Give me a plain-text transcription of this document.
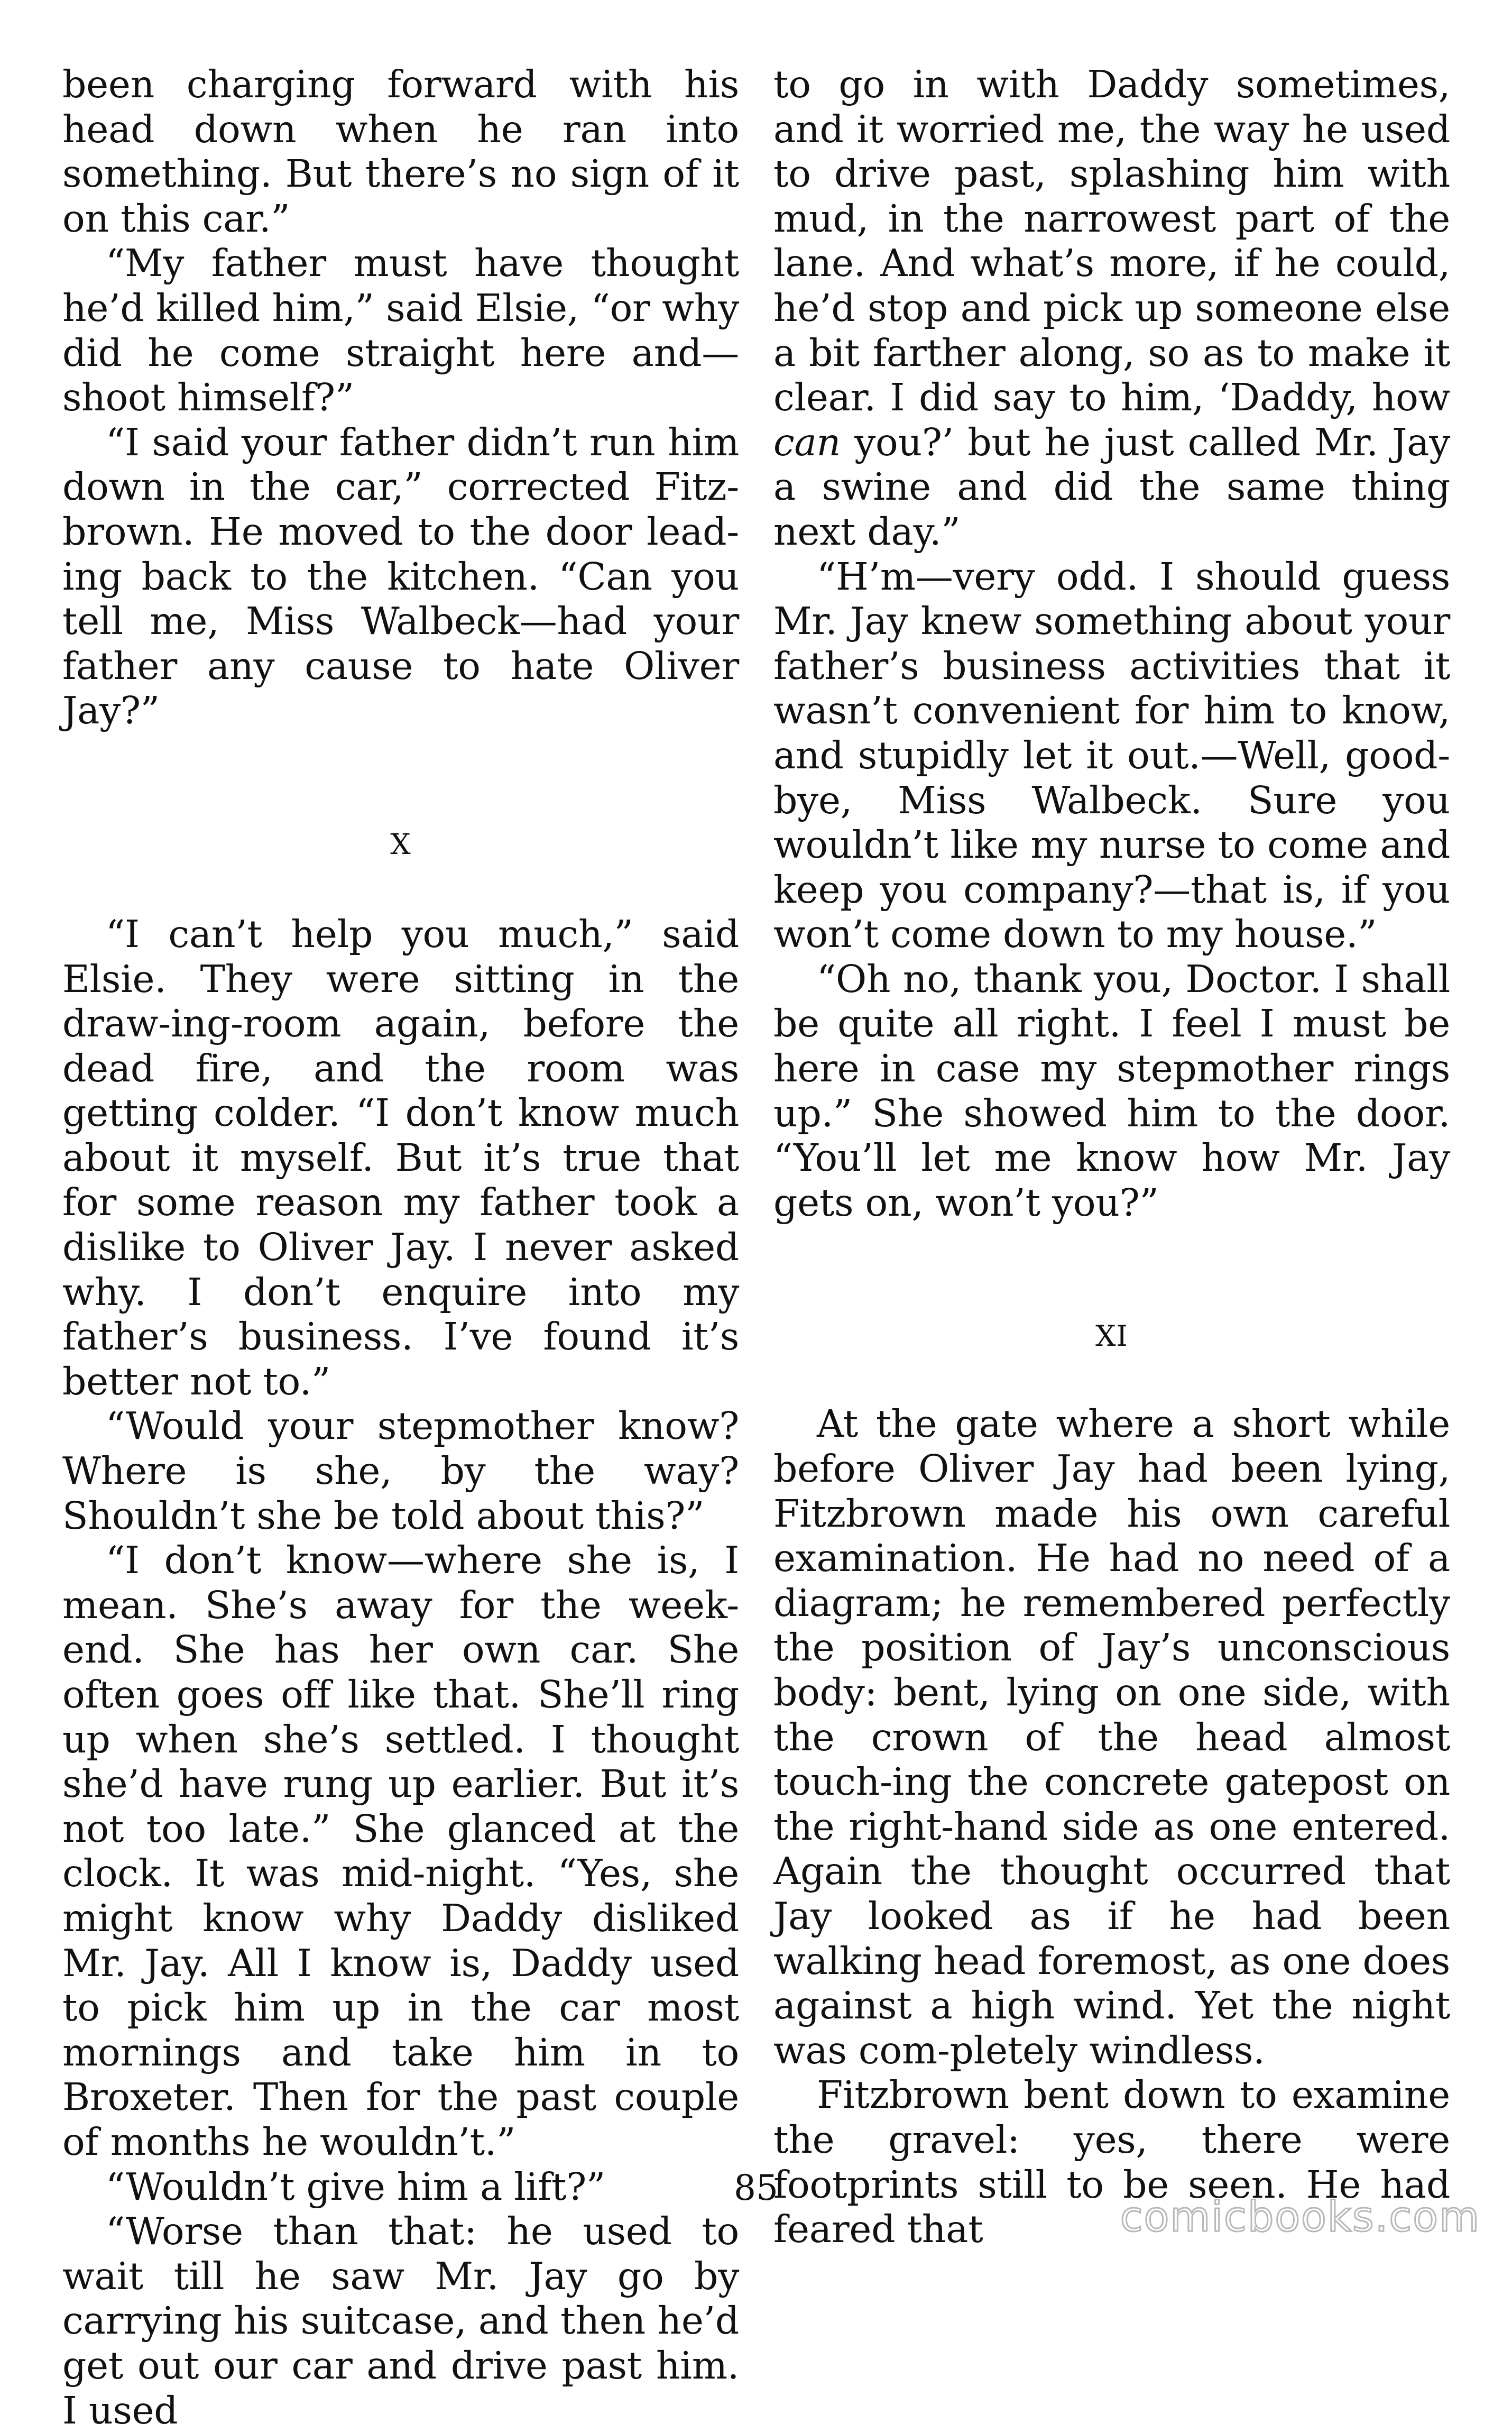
been charging forward with his head down when he ran into something. But there’s no sign of it on this car.”

“My father must have thought he’d killed him,” said Elsie, “or why did he come straight here and— shoot himself?”

“I said your father didn’t run him down in the car,” corrected Fitz-brown. He moved to the door lead-ing back to the kitchen. “Can you tell me, Miss Walbeck—had your father any cause to hate Oliver Jay?”

X

“I can’t help you much,” said Elsie. They were sitting in the draw-ing-room again, before the dead fire, and the room was getting colder. “I don’t know much about it myself. But it’s true that for some reason my father took a dislike to Oliver Jay. I never asked why. I don’t enquire into my father’s business. I’ve found it’s better not to.”

“Would your stepmother know? Where is she, by the way? Shouldn’t she be told about this?”

“I don’t know—where she is, I mean. She’s away for the week-end. She has her own car. She often goes off like that. She’ll ring up when she’s settled. I thought she’d have rung up earlier. But it’s not too late.” She glanced at the clock. It was mid-night. “Yes, she might know why Daddy disliked Mr. Jay. All I know is, Daddy used to pick him up in the car most mornings and take him in to Broxeter. Then for the past couple of months he wouldn’t.”

“Wouldn’t give him a lift?”

“Worse than that: he used to wait till he saw Mr. Jay go by carrying his suitcase, and then he’d get out our car and drive past him. I used

to go in with Daddy sometimes, and it worried me, the way he used to drive past, splashing him with mud, in the narrowest part of the lane. And what’s more, if he could, he’d stop and pick up someone else a bit farther along, so as to make it clear. I did say to him, ‘Daddy, how can you?’ but he just called Mr. Jay a swine and did the same thing next day.”

“H’m—very odd. I should guess Mr. Jay knew something about your father’s business activities that it wasn’t convenient for him to know, and stupidly let it out.—Well, good-bye, Miss Walbeck. Sure you wouldn’t like my nurse to come and keep you company?—that is, if you won’t come down to my house.”

“Oh no, thank you, Doctor. I shall be quite all right. I feel I must be here in case my stepmother rings up.” She showed him to the door. “You’ll let me know how Mr. Jay gets on, won’t you?”

XI

At the gate where a short while before Oliver Jay had been lying, Fitzbrown made his own careful examination. He had no need of a diagram; he remembered perfectly the position of Jay’s unconscious body: bent, lying on one side, with the crown of the head almost touch-ing the concrete gatepost on the right-hand side as one entered. Again the thought occurred that Jay looked as if he had been walking head foremost, as one does against a high wind. Yet the night was com-pletely windless.

Fitzbrown bent down to examine the gravel: yes, there were footprints still to be seen. He had feared that

85
comicbooks.com
